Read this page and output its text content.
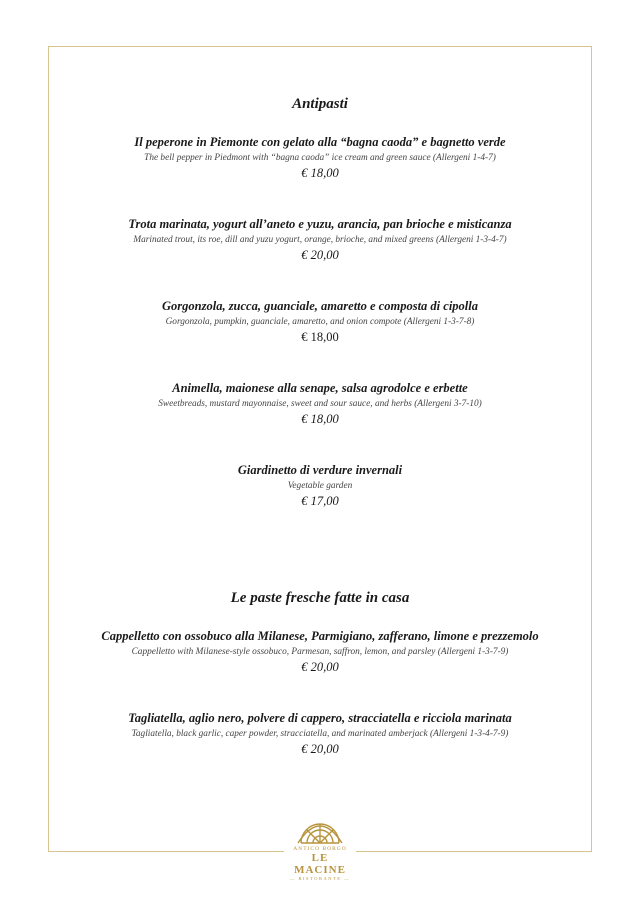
Antipasti
Il peperone in Piemonte con gelato alla “bagna caoda” e bagnetto verde
The bell pepper in Piedmont with “bagna caoda” ice cream and green sauce (Allergeni 1-4-7)
€ 18,00
Trota marinata, yogurt all’aneto e yuzu, arancia, pan brioche e misticanza
Marinated trout, its roe, dill and yuzu yogurt, orange, brioche, and mixed greens (Allergeni 1-3-4-7)
€ 20,00
Gorgonzola, zucca, guanciale, amaretto e composta di cipolla
Gorgonzola, pumpkin, guanciale, amaretto, and onion compote (Allergeni 1-3-7-8)
€ 18,00
Animella, maionese alla senape, salsa agrodolce e erbette
Sweetbreads, mustard mayonnaise, sweet and sour sauce, and herbs (Allergeni 3-7-10)
€ 18,00
Giardinetto di verdure invernali
Vegetable garden
€ 17,00
Le paste fresche fatte in casa
Cappelletto con ossobuco alla Milanese, Parmigiano, zafferano, limone e prezzemolo
Cappelletto with Milanese-style ossobuco, Parmesan, saffron, lemon, and parsley (Allergeni 1-3-7-9)
€ 20,00
Tagliatella, aglio nero, polvere di cappero, stracciatella e ricciola marinata
Tagliatella, black garlic, caper powder, stracciatella, and marinated amberjack (Allergeni 1-3-4-7-9)
€ 20,00
ANTICO BORGO
LE MACINE
— RISTORANTE —
